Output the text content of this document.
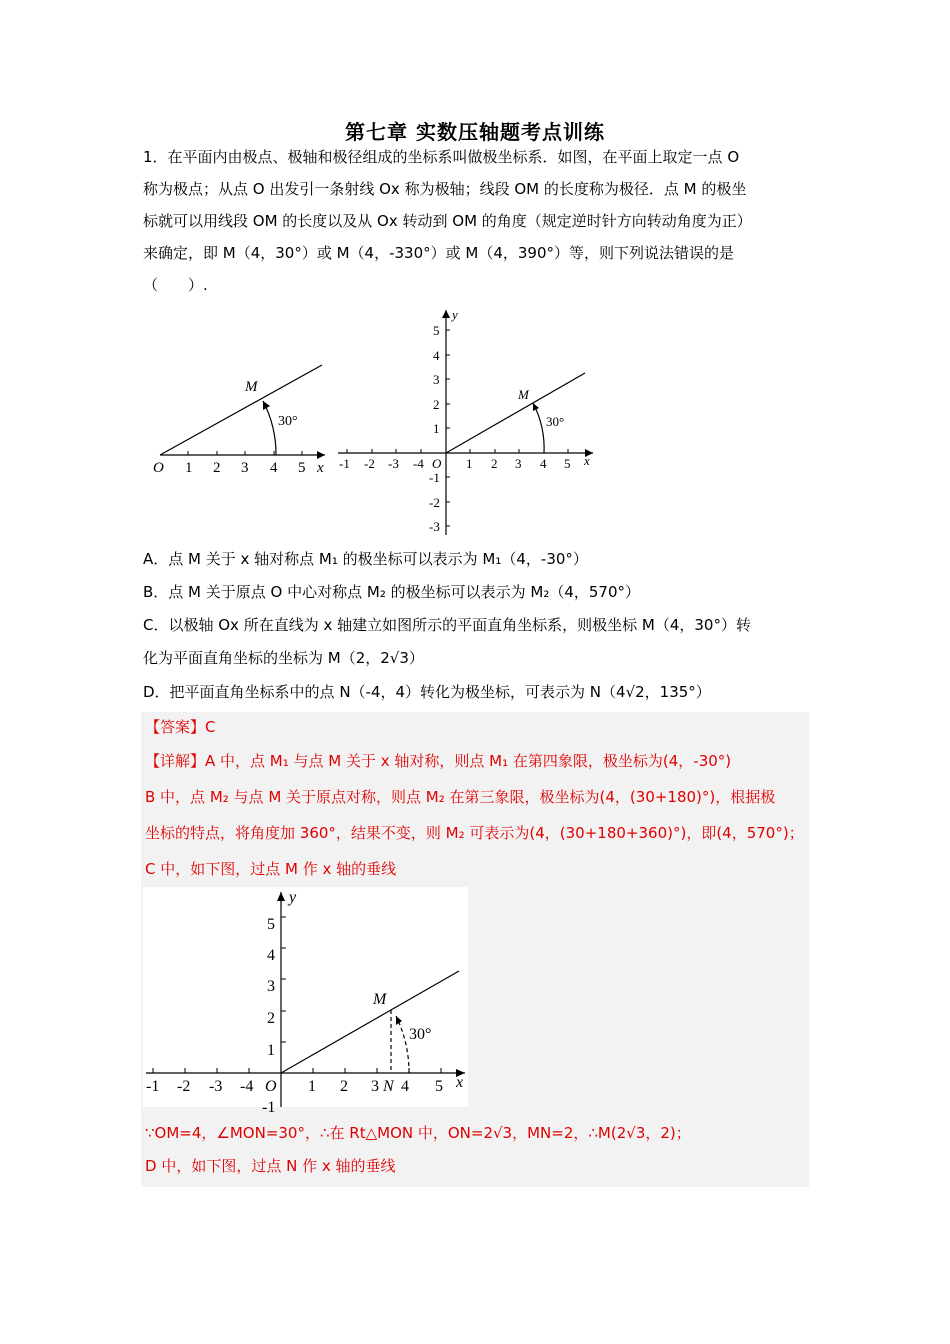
第七章 实数压轴题考点训练
1．在平面内由极点、极轴和极径组成的坐标系叫做极坐标系．如图，在平面上取定一点 O
称为极点；从点 O 出发引一条射线 Ox 称为极轴；线段 OM 的长度称为极径．点 M 的极坐
标就可以用线段 OM 的长度以及从 Ox 转动到 OM 的角度（规定逆时针方向转动角度为正）
来确定，即 M（4，30°）或 M（4，-330°）或 M（4，390°）等，则下列说法错误的是
（　　）.
O 1 2 3 4 5 x
M
30°
-1 -2 -3 -4 O 1 2 3 4 5 x
1
2
3
4
5
-1
-2
-3
y
M
30°
A．点 M 关于 x 轴对称点 M₁ 的极坐标可以表示为 M₁（4，-30°）
B．点 M 关于原点 O 中心对称点 M₂ 的极坐标可以表示为 M₂（4，570°）
C．以极轴 Ox 所在直线为 x 轴建立如图所示的平面直角坐标系，则极坐标 M（4，30°）转
化为平面直角坐标的坐标为 M（2，2√3）
D．把平面直角坐标系中的点 N（-4，4）转化为极坐标，可表示为 N（4√2，135°）
【答案】C
【详解】A 中，点 M₁ 与点 M 关于 x 轴对称，则点 M₁ 在第四象限，极坐标为(4，-30°)
B 中，点 M₂ 与点 M 关于原点对称，则点 M₂ 在第三象限，极坐标为(4，(30+180)°)，根据极
坐标的特点，将角度加 360°，结果不变，则 M₂ 可表示为(4，(30+180+360)°)，即(4，570°)；
C 中，如下图，过点 M 作 x 轴的垂线
-1 -2 -3 -4 O 1 2 3 N 4 5 x
1
2
3
4
5
-1
y
M
30°
∵OM=4，∠MON=30°，∴在 Rt△MON 中，ON=2√3，MN=2，∴M(2√3，2)；
D 中，如下图，过点 N 作 x 轴的垂线
